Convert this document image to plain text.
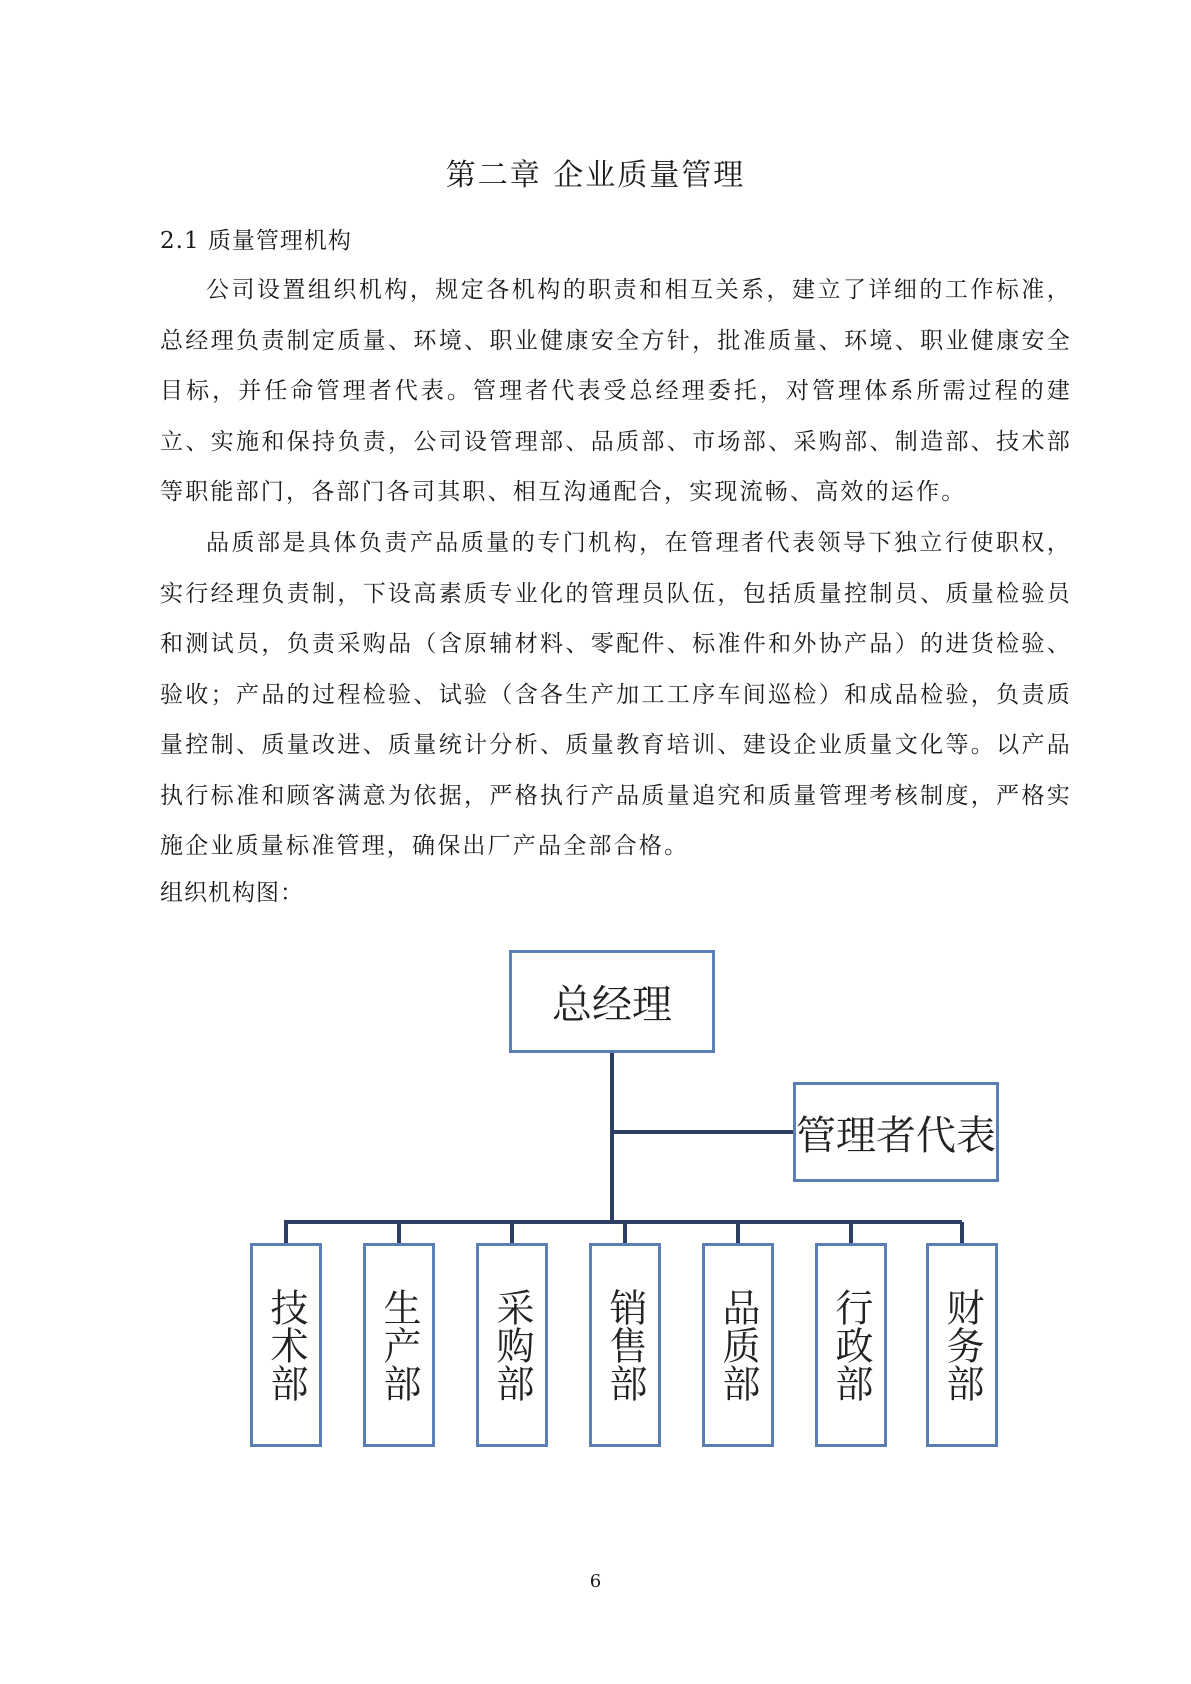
第二章 企业质量管理
2.1 质量管理机构

公司设置组织机构，规定各机构的职责和相互关系，建立了详细的工作标准，总经理负责制定质量、环境、职业健康安全方针，批准质量、环境、职业健康安全目标，并任命管理者代表。管理者代表受总经理委托，对管理体系所需过程的建立、实施和保持负责，公司设管理部、品质部、市场部、采购部、制造部、技术部等职能部门，各部门各司其职、相互沟通配合，实现流畅、高效的运作。

品质部是具体负责产品质量的专门机构，在管理者代表领导下独立行使职权，实行经理负责制，下设高素质专业化的管理员队伍，包括质量控制员、质量检验员和测试员，负责采购品（含原辅材料、零配件、标准件和外协产品）的进货检验、验收；产品的过程检验、试验（含各生产加工工序车间巡检）和成品检验，负责质量控制、质量改进、质量统计分析、质量教育培训、建设企业质量文化等。以产品执行标准和顾客满意为依据，严格执行产品质量追究和质量管理考核制度，严格实施企业质量标准管理，确保出厂产品全部合格。

组织机构图：

总经理
管理者代表
技术部	生产部	采购部	销售部	品质部	行政部	财务部

6
